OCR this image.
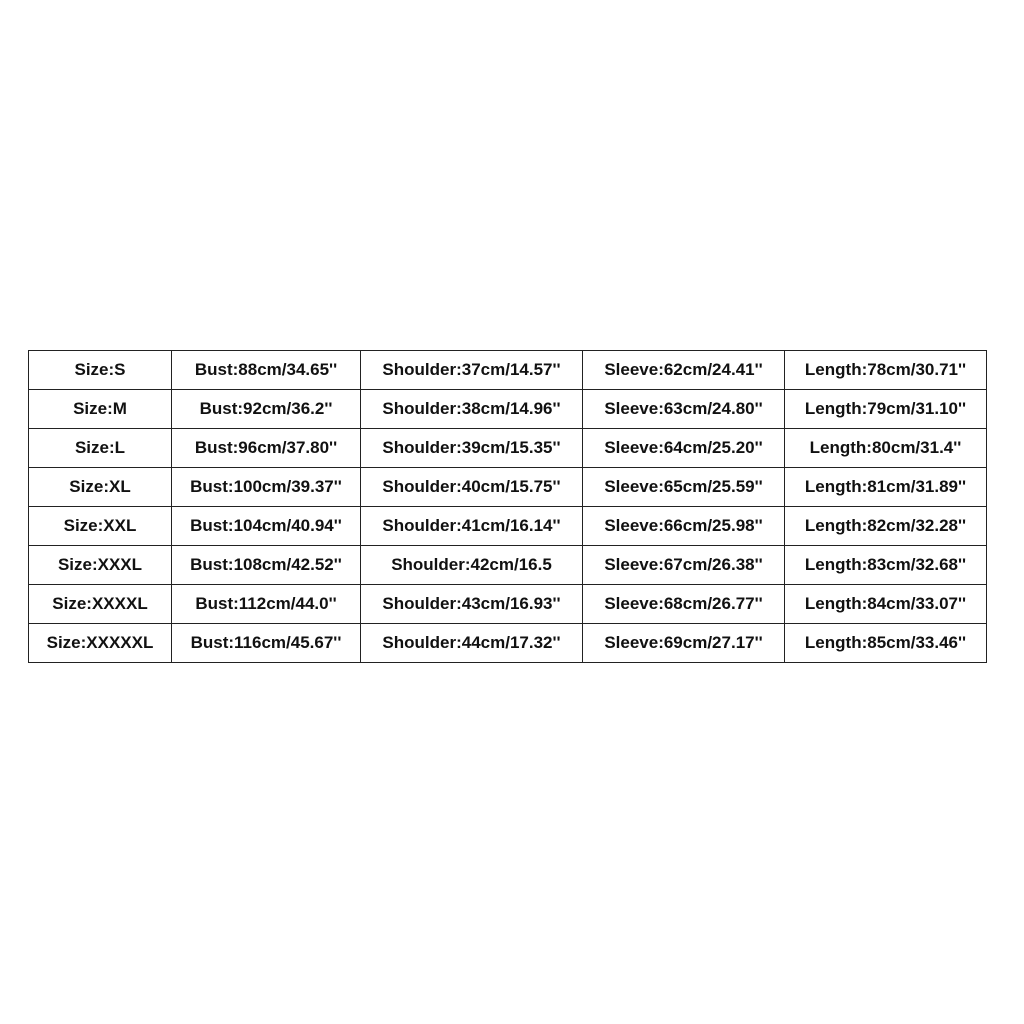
Size:S	Bust:88cm/34.65''	Shoulder:37cm/14.57''	Sleeve:62cm/24.41''	Length:78cm/30.71''
Size:M	Bust:92cm/36.2''	Shoulder:38cm/14.96''	Sleeve:63cm/24.80''	Length:79cm/31.10''
Size:L	Bust:96cm/37.80''	Shoulder:39cm/15.35''	Sleeve:64cm/25.20''	Length:80cm/31.4''
Size:XL	Bust:100cm/39.37''	Shoulder:40cm/15.75''	Sleeve:65cm/25.59''	Length:81cm/31.89''
Size:XXL	Bust:104cm/40.94''	Shoulder:41cm/16.14''	Sleeve:66cm/25.98''	Length:82cm/32.28''
Size:XXXL	Bust:108cm/42.52''	Shoulder:42cm/16.5	Sleeve:67cm/26.38''	Length:83cm/32.68''
Size:XXXXL	Bust:112cm/44.0''	Shoulder:43cm/16.93''	Sleeve:68cm/26.77''	Length:84cm/33.07''
Size:XXXXXL	Bust:116cm/45.67''	Shoulder:44cm/17.32''	Sleeve:69cm/27.17''	Length:85cm/33.46''
